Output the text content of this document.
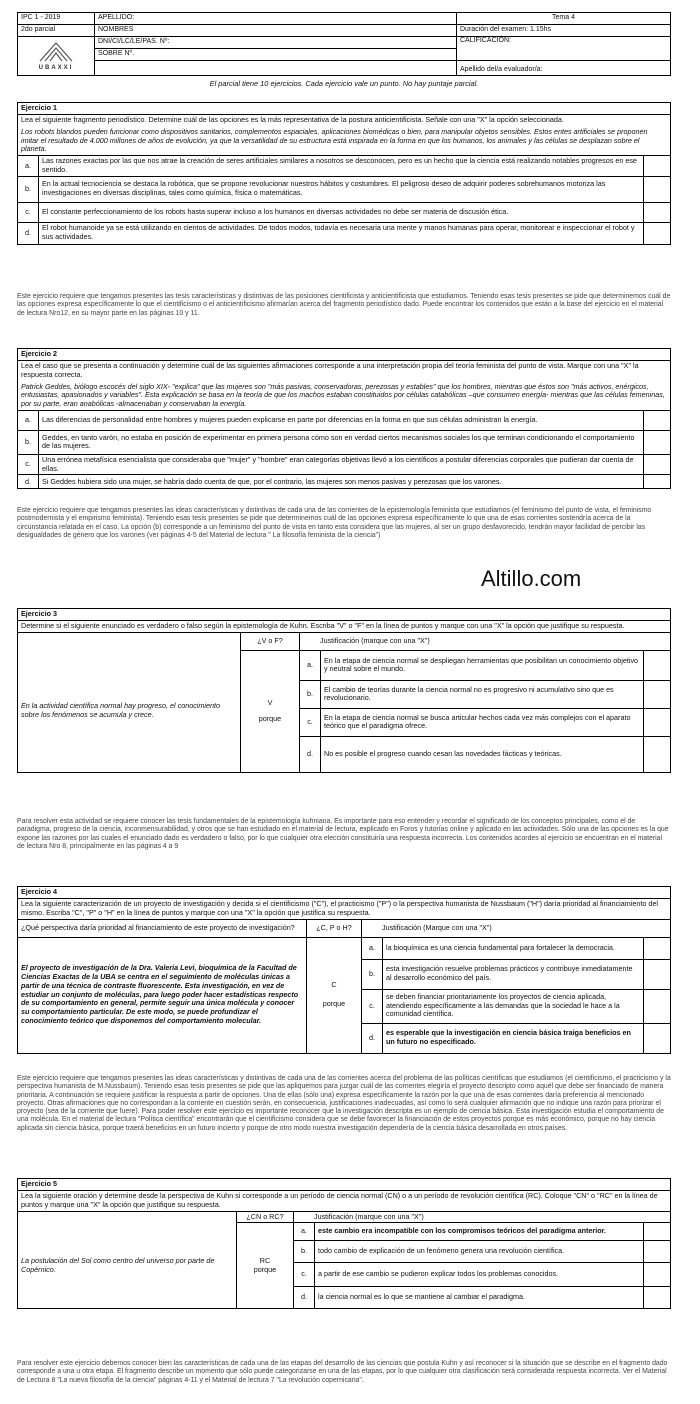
IPC 1 - 2019	APELLIDO:	Tema 4
2do parcial	NOMBRES	Duración del examen: 1.15hs

UBAXXI	DNI/CI/LC/LE/PAS. Nº:	CALIFICACIÓN:
	SOBRE Nº.	
		Apellido del/a evaluador/a:
El parcial tiene 10 ejercicios. Cada ejercicio vale un punto. No hay puntaje parcial.
Ejercicio 1		

Lea el siguiente fragmento periodístico. Determine cuál de las opciones es la más representativa de la postura anticientificista. Señale con una "X" la opción seleccionada.
Los robots blandos pueden funcionar como dispositivos sanitarios, complementos espaciales, aplicaciones biomédicas o bien, para manipular objetos sensibles. Estos entes artificiales se proponen imitar el resultado de 4.000 millones de años de evolución, ya que la versatilidad de su estructura está inspirada en la forma en que los humanos, los animales y las células se desplazan sobre el planeta.		

a.	Las razones exactas por las que nos atrae la creación de seres artificiales similares a nosotros se desconocen, pero es un hecho que la ciencia está realizando notables progresos en ese sentido.	
b.	En la actual tecnociencia se destaca la robótica, que se propone revolucionar nuestros hábitos y costumbres. El peligroso deseo de adquirir poderes sobrehumanos motoriza las investigaciones en diversas disciplinas, tales como química, física o matemáticas.	
c.	El constante perfeccionamiento de los robots hasta superar incluso a los humanos en diversas actividades no debe ser materia de discusión ética.	
d.	El robot humanoide ya se está utilizando en cientos de actividades. De todos modos, todavía es necesaria una mente y manos humanas para operar, monitorear e inspeccionar el robot y sus actividades.	
Este ejercicio requiere que tengamos presentes las tesis características y distintivas de las posiciones cientificista y anticientificista que estudiamos. Teniendo esas tesis presentes se pide que determinemos cuál de las opciones expresa específicamente lo que el cientificismo o el anticientificismo afirmarían acerca del fragmento periodístico dado. Puede encontrar los contenidos que están a la base del ejercicio en el material de lectura Nro12, en su mayor parte en las páginas 10 y 11.
Ejercicio 2		

Lea el caso que se presenta a continuación y determine cuál de las siguientes afirmaciones corresponde a una interpretación propia del teoría feminista del punto de vista. Marque con una "X" la respuesta correcta.
Patrick Geddes, biólogo escocés del siglo XIX- "explica" que las mujeres son "más pasivas, conservadoras, perezosas y estables" que los hombres, mientras que éstos son "más activos, enérgicos, entusiastas, apasionados y variables". Esta explicación se basa en la teoría de que los machos estaban constituidos por células catabólicas –que consumen energía- mientras que las células femeninas, por su parte, eran anabólicas -almacenaban y conservaban la energía.		

a.	Las diferencias de personalidad entre hombres y mujeres pueden explicarse en parte por diferencias en la forma en que sus células administran la energía.	
b.	Geddes, en tanto varón, no estaba en posición de experimentar en primera persona cómo son en verdad ciertos mecanismos sociales los que terminan condicionando el comportamiento de las mujeres.	
c.	Una errónea metafísica esencialista que consideraba que "mujer" y "hombre" eran categorías objetivas llevó a los científicos a postular diferencias corporales que pudieran dar cuenta de ellas.	
d.	Si Geddes hubiera sido una mujer, se habría dado cuenta de que, por el contrario, las mujeres son menos pasivas y perezosas que los varones.	
Este ejercicio requiere que tengamos presentes las ideas características y distintivas de cada una de las corrientes de la epistemología feminista que estudiamos (el feminismo del punto de vista, el feminismo postmodernista y el empirismo feminista). Teniendo esas tesis presentes se pide que determinemos cuál de las opciones expresa específicamente lo que una de esas corrientes sostendría acerca de la circunstancia relatada en el caso. La opción (b) corresponde a un feminismo del punto de vista en tanto esta considera que las mujeres, al ser un grupo desfavorecido, tendrán mayor facilidad de percibir las desigualdades de género que los varones (ver páginas 4-5 del Material de lectura " La filosofía feminista de la ciencia")
Altillo.com
Ejercicio 3				
Determine si el siguiente enunciado es verdadero o falso según la epistemología de Kuhn. Escriba "V" o "F" en la línea de puntos y marque con una "X" la opción que justifique su respuesta.				
	¿V o F?	Justificación (marque con una "X")		
En la actividad científica normal hay progreso, el conocimiento sobre los fenómenos se acumula y crece.	V
porque	a.	En la etapa de ciencia normal se despliegan herramientas que posibilitan un conocimiento objetivo y neutral sobre el mundo.	
		b.	El cambio de teorías durante la ciencia normal no es progresivo ni acumulativo sino que es revolucionario.	
		c.	En la etapa de ciencia normal se busca articular hechos cada vez más complejos con el aparato teórico que el paradigma ofrece.	
		d.	No es posible el progreso cuando cesan las novedades fácticas y teóricas.	
Para resolver esta actividad se requiere conocer las tesis fundamentales de la epistemología kuhniana. Es importante para eso entender y recordar el significado de los conceptos principales, como el de paradigma, progreso de la ciencia, inconmensurabilidad, y otros que se han estudiado en el material de lectura, explicado en Foros y tutorías online y aplicado en las actividades. Sólo una de las opciones es la que expone las razones por las cuales el enunciado dado es verdadero o falso, por lo que cualquier otra elección constituiría una respuesta incorrecta. Los contenidos acordes al ejercicio se encuentran en el material de lectura Nro 8, principalmente en las páginas 4 a 9
Ejercicio 4				
Lea la siguiente caracterización de un proyecto de investigación y decida si el cientificismo ("C"), el practicismo ("P") o la perspectiva humanista de Nussbaum ("H") daría prioridad al financiamiento del mismo. Escriba "C", "P" o "H" en la línea de puntos y marque con una "X" la opción que justifica su respuesta.				
¿Qué perspectiva daría prioridad al financiamiento de este proyecto de investigación?	¿C, P o H?	Justificación (Marque con una "X")		
El proyecto de investigación de la Dra. Valeria Levi, bioquímica de la Facultad de Ciencias Exactas de la UBA se centra en el seguimiento de moléculas únicas a partir de una técnica de contraste fluorescente. Esta investigación, en vez de estudiar un conjunto de moléculas, para luego poder hacer estadísticas respecto de su comportamiento en general, permite seguir una única molécula y conocer su comportamiento particular. De este modo, se puede profundizar el conocimiento teórico que disponemos del comportamiento molecular.	C
porque	a.	la bioquímica es una ciencia fundamental para fortalecer la democracia.	
		b.	esta investigación resuelve problemas prácticos y contribuye inmediatamente al desarrollo económico del país.	
		c.	se deben financiar prioritariamente los proyectos de ciencia aplicada, atendiendo específicamente a las demandas que la sociedad le hace a la comunidad científica.	
		d.	es esperable que la investigación en ciencia básica traiga beneficios en un futuro no especificado.	
Este ejercicio requiere que tengamos presentes las ideas características y distintivas de cada una de las corrientes acerca del problema de las políticas científicas que estudiamos (el cientificismo, el practicismo y la perspectiva humanista de M.Nussbaum). Teniendo esas tesis presentes se pide que las apliquemos para juzgar cuál de las corrientes elegiría el proyecto descripto como aquél que debe ser financiado de manera prioritaria. A continuación se requiere justificar la respuesta a partir de opciones. Una de ellas (sólo una) expresa específicamente la razón por la que una de esas corrientes daría preferencia al mencionado proyecto. Otras afirmaciones que no correspondan a la corriente en cuestión serán, en consecuencia, justificaciones inadecuadas, así como lo será cualquier afirmación que no indique una razón para priorizar el proyecto (sea de la corriente que fuere). Para poder resolver este ejercicio es importante reconocer que la investigación descripta es un ejemplo de ciencia básica. Esta investigación estudia el comportamiento de una molécula. En el material de lectura "Política científica" encontrarán que el cientificismo considera que se debe favorecer la financiación de estos proyectos porque es más económico, porque no hay ciencia aplicada sin ciencia básica, porque traerá beneficios en un futuro incierto y porque de otro modo nuestra investigación dependería de la ciencia básica desarrollada en otros países.
Ejercicio 5				
Lea la siguiente oración y determine desde la perspectiva de Kuhn si corresponde a un período de ciencia normal (CN) o a un período de revolución científica (RC). Coloque "CN" o "RC" en la línea de puntos y marque una "X" la opción que justifique su respuesta.				
	¿CN o RC?	Justificación (marque con una "X")		
La postulación del Sol como centro del universo por parte de Copérnico.	RC
porque	a.	este cambio era incompatible con los compromisos teóricos del paradigma anterior.	
		b.	todo cambio de explicación de un fenómeno genera una revolución científica.	
		c.	a partir de ese cambio se pudieron explicar todos los problemas conocidos.	
		d.	la ciencia normal es lo que se mantiene al cambiar el paradigma.	
Para resolver este ejercicio debemos conocer bien las características de cada una de las etapas del desarrollo de las ciencias que postula Kuhn y así reconocer si la situación que se describe en el fragmento dado corresponde a una u otra etapa. El fragmento describe un momento que sólo puede categorizarse en una de las etapas, por lo que cualquier otra clasificación será considerada respuesta incorrecta. Ver el Material de Lectura 8 "La nueva filosofía de la ciencia" páginas 4-11 y el Material de lectura 7 "La revolución copernicana".
